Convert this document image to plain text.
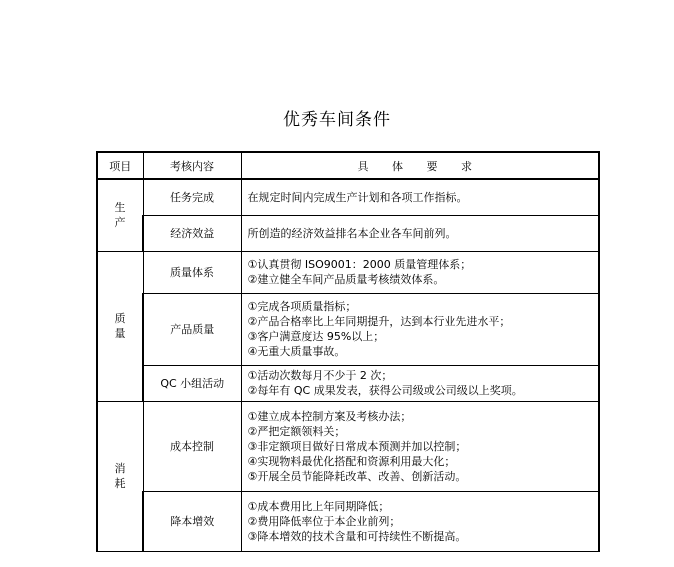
优秀车间条件
项目	考核内容	具 体 要 求
生产	任务完成	在规定时间内完成生产计划和各项工作指标。

	经济效益	所创造的经济效益排名本企业各车间前列。

质量	质量体系	①认真贯彻 ISO9001：2000 质量管理体系；
②建立健全车间产品质量考核绩效体系。

	产品质量	①完成各项质量指标；
②产品合格率比上年同期提升，达到本行业先进水平；
③客户满意度达 95%以上；
④无重大质量事故。

	QC 小组活动	①活动次数每月不少于 2 次；
②每年有 QC 成果发表，获得公司级或公司级以上奖项。

消耗	成本控制	①建立成本控制方案及考核办法；
②严把定额领料关；
③非定额项目做好日常成本预测并加以控制；
④实现物料最优化搭配和资源利用最大化；
⑤开展全员节能降耗改革、改善、创新活动。

	降本增效	①成本费用比上年同期降低；
②费用降低率位于本企业前列；
③降本增效的技术含量和可持续性不断提高。
